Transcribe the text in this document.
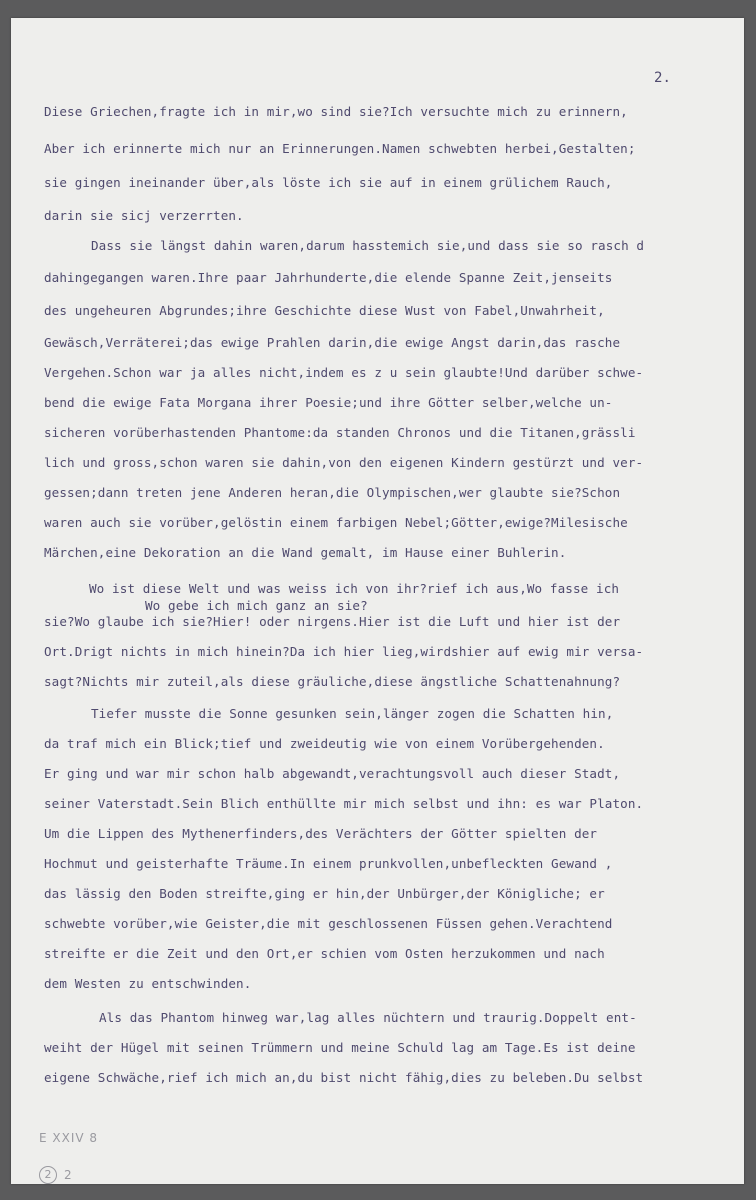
2.
Diese Griechen,fragte ich in mir,wo sind sie?Ich versuchte mich zu erinnern,
Aber ich erinnerte mich nur an Erinnerungen.Namen schwebten herbei,Gestalten;
sie gingen ineinander über,als löste ich sie auf in einem grülichem Rauch,
darin sie sicj verzerrten.
Dass sie längst dahin waren,darum hasstemich sie,und dass sie so rasch d
dahingegangen waren.Ihre paar Jahrhunderte,die elende Spanne Zeit,jenseits
des ungeheuren Abgrundes;ihre Geschichte diese Wust von Fabel,Unwahrheit,
Gewäsch,Verräterei;das ewige Prahlen darin,die ewige Angst darin,das rasche
Vergehen.Schon war ja alles nicht,indem es z u sein glaubte!Und darüber schwe-
bend die ewige Fata Morgana ihrer Poesie;und ihre Götter selber,welche un-
sicheren vorüberhastenden Phantome:da standen Chronos und die Titanen,grässli
lich und gross,schon waren sie dahin,von den eigenen Kindern gestürzt und ver-
gessen;dann treten jene Anderen heran,die Olympischen,wer glaubte sie?Schon
waren auch sie vorüber,gelöstin einem farbigen Nebel;Götter,ewige?Milesische
Märchen,eine Dekoration an die Wand gemalt, im Hause einer Buhlerin.
Wo ist diese Welt und was weiss ich von ihr?rief ich aus,Wo fasse ich
Wo gebe ich mich ganz an sie?
sie?Wo glaube ich sie?Hier! oder nirgens.Hier ist die Luft und hier ist der
Ort.Drigt nichts in mich hinein?Da ich hier lieg,wirdshier auf ewig mir versa-
sagt?Nichts mir zuteil,als diese gräuliche,diese ängstliche Schattenahnung?
Tiefer musste die Sonne gesunken sein,länger zogen die Schatten hin,
da traf mich ein Blick;tief und zweideutig wie von einem Vorübergehenden.
Er ging und war mir schon halb abgewandt,verachtungsvoll auch dieser Stadt,
seiner Vaterstadt.Sein Blich enthüllte mir mich selbst und ihn: es war Platon.
Um die Lippen des Mythenerfinders,des Verächters der Götter spielten der
Hochmut und geisterhafte Träume.In einem prunkvollen,unbefleckten Gewand ,
das lässig den Boden streifte,ging er hin,der Unbürger,der Königliche; er
schwebte vorüber,wie Geister,die mit geschlossenen Füssen gehen.Verachtend
streifte er die Zeit und den Ort,er schien vom Osten herzukommen und nach
dem Westen zu entschwinden.
Als das Phantom hinweg war,lag alles nüchtern und traurig.Doppelt ent-
weiht der Hügel mit seinen Trümmern und meine Schuld lag am Tage.Es ist deine
eigene Schwäche,rief ich mich an,du bist nicht fähig,dies zu beleben.Du selbst
E XXIV 8
2	2
